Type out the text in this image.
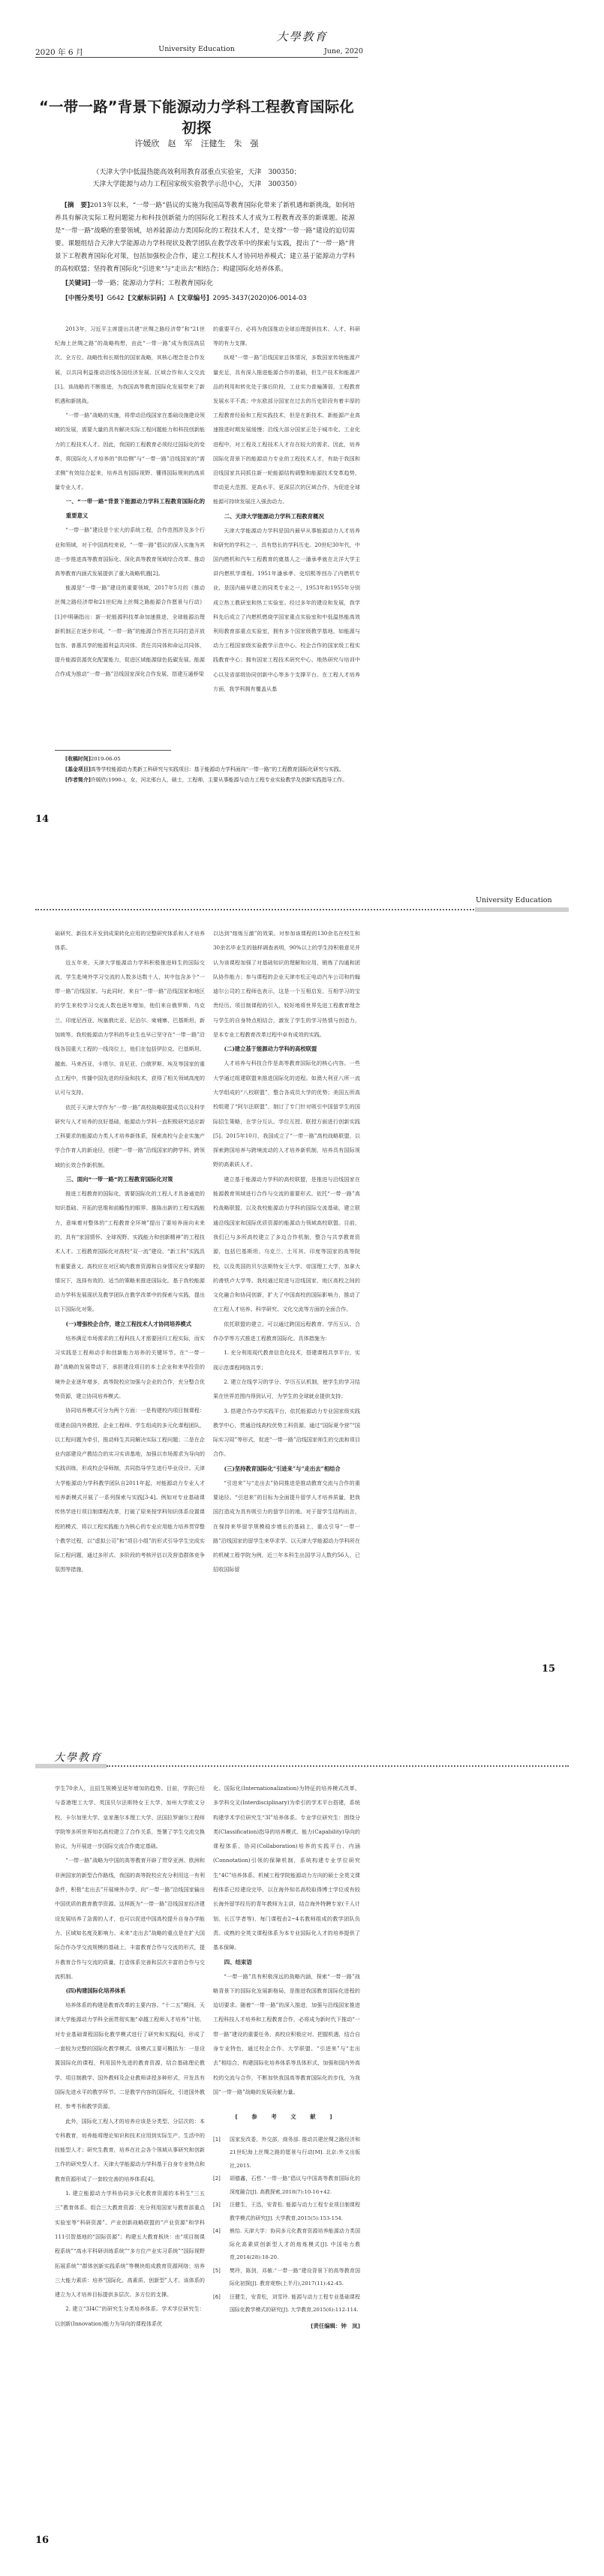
大學教育
2020 年 6 月	University Education	June, 2020
“一带一路”背景下能源动力学科工程教育国际化初探
许媛欣　赵　军　汪健生　朱　强
（天津大学中低温热能高效利用教育部重点实验室，天津　300350；
天津大学能源与动力工程国家级实验教学示范中心，天津　300350）
[摘　要]2013年以来，“一带一路”倡议的实施为我国高等教育国际化带来了新机遇和新挑战，如何培养具有解决实际工程问题能力和科技创新能力的国际化工程技术人才成为工程教育改革的新课题。能源是“一带一路”战略的重要领域，培养能源动力类国际化的工程技术人才，是支撑“一带一路”建设的迫切需要。课题组结合天津大学能源动力学科现状及教学团队在教学改革中的探索与实践，提出了“一带一路”背景下工程教育国际化对策，包括加强校企合作，建立工程技术人才协同培养模式；建立基于能源动力学科的高校联盟；坚持教育国际化“引进来”与“走出去”相结合；构建国际化培养体系。
[关键词]一带一路；能源动力学科；工程教育国际化
[中图分类号] G642 [文献标识码] A [文章编号] 2095-3437(2020)06-0014-03

2013年，习近平主席提出共建“丝绸之路经济带”和“21世纪海上丝绸之路”的战略构想，由此“一带一路”成为我国高层次、全方位、战略性和长期性的国家战略，其核心理念是合作发展，以共同利益推动沿线各国经济发展、区域合作和人文交流[1]。该战略的不断推进，为我国高等教育国际化发展带来了新机遇和新挑战。

“一带一路”战略的实施，将带动沿线国家在基础设施建设领域的发展，需要大量的具有解决实际工程问题能力和科技创新能力的工程技术人才。因此，我国的工程教育必须经过国际化的变革，将国际化人才培养的“供给侧”与“一带一路”沿线国家的“需求侧”有效结合起来，培养具有国际视野、懂得国际规则的高质量专业人才。

一、“一带一路”背景下能源动力学科工程教育国际化的重要意义

“一带一路”建设是个宏大的系统工程，合作范围涉及多个行业和领域，对于中国高校来说，“一带一路”倡议的深入实施为其进一步推进高等教育国际化、深化高等教育领域综合改革、推动高等教育内涵式发展提供了重大战略机遇[2]。

能源是“一带一路”建设的重要领域，2017年5月的《推动丝绸之路经济带和21世纪海上丝绸之路能源合作愿景与行动》[1]中明确指出：新一轮能源科技革命加速推进，全球能源治理新机制正在逐步形成，“一带一路”的能源合作旨在共同打造开放包容、普惠共享的能源利益共同体、责任共同体和命运共同体，提升能源资源优化配置能力，促进区域能源绿色低碳发展。能源合作成为推动“一带一路”沿线国家深化合作发展、搭建互通桥梁

的重要平台，必将为我国推动全球治理提供技术、人才、科研等的有力支撑。

纵观“一带一路”沿线国家总体情况，多数国家传统能源产量充足，具有深入推进能源合作的基础，但生产技术和能源产品的利用和转化处于落后阶段，工业实力普遍薄弱，工程教育发展水平不高；中东欧部分国家在过去的历史阶段有着丰厚的工程教育经验和工程实践技术，但是在新技术、新能源产业高速推进时期发展缓慢；沿线大部分国家正处于城市化、工业化进程中，对工程及工程技术人才存在较大的需求。因此，培养国际化背景下的能源动力专业的工程技术人才，有助于我国和沿线国家共同抓住新一轮能源结构调整和能源技术变革趋势，带动更大范围、更高水平、更深层次的区域合作，为促进全球能源可持续发展注入强劲动力。

二、天津大学能源动力学科工程教育概况

天津大学能源动力学科是国内最早从事能源动力人才培养和研究的学科之一，具有悠长的学科历史。20世纪30年代，中国内燃机和汽车工程教育的奠基人之一潘承孝就在北洋大学主讲内燃机学课程。1951年潘承孝、史绍熙等创办了内燃机专业，是国内最早建立的同类专业之一，1953年和1955年分别成立热工教研室和热工实验室。经过多年的建设和发展，我学科先后成立了内燃机燃烧学国家重点实验室和中低温热能高效利用教育部重点实验室，拥有多个国家级教学基地，如能源与动力工程国家级实验教学示范中心、校企合作的国家级工程实践教育中心；拥有国家工程技术研究中心、地热研究与培训中心以及省部级协同创新中心等多个支撑平台。在工程人才培养方面，我学科拥有覆盖从基

[收稿时间]2019-06-05
[基金项目]高等学校能源动力类新工科研究与实践项目：基于能源动力学科面向“一带一路”的工程教育国际化研究与实践。
[作者简介]许媛欣(1990-)，女，河北邢台人，硕士，工程师，主要从事能源与动力工程专业实验教学及创新实践指导工作。
14
University Education

础研究、新技术开发到成果转化应用的完整研究体系和人才培养体系。

近五年来，天津大学能源动力学科积极推进师生的国际交流，学生赴境外学习交流的人数多达数十人，其中包含多个“一带一路”沿线国家。与此同时，来自“一带一路”沿线国家和地区的学生来校学习交流人数也逐年增加，他们来自俄罗斯、乌克兰、印度尼西亚、埃塞俄比亚、尼泊尔、柬埔寨、巴基斯坦、新加坡等。我校能源动力学科的毕业生也早已坚守在“一带一路”沿线各国重大工程的一线岗位上，他们在包括伊拉克、巴基斯坦、越南、马来西亚、卡塔尔、肯尼亚、白俄罗斯、埃及等国家的重点工程中，传播中国先进的经验和技术，获得了相关领域高度的认可与支持。

依托于天津大学作为“一带一路”高校战略联盟成员以及科学研究与人才培养的良好基础，能源动力学科一直积极研究适应新工科要求的能源动力类人才培养新体系，探索高校与企业实施产学合作育人的新途径，创建“一带一路”沿线国家的跨学科、跨领域的长效合作新机制。

三、面向“一带一路”的工程教育国际化对策

推进工程教育的国际化，需要国际化的工程人才具备通宽的知识基础、开拓的思维和前瞻性的眼界、推陈出新的工程实践能力，意味着对整体的“工程教育全环境”提出了要培养面向未来的，具有“家国情怀、全球视野、实践能力和创新精神”的工程技术人才。工程教育国际化对高校“双一流”建设、“新工科”实践具有重要意义。高校应在对区域内教育资源和自身情况充分掌握的情况下，选择有效的、适当的策略来推进国际化。基于我校能源动力学科发展现状及教学团队在教学改革中的探索与实践，提出以下国际化对策。

(一)增强校企合作，建立工程技术人才协同培养模式

培养满足市场需求的工程科技人才需要回归工程实际，而实习实践是工程师动手和创新能力培养的关键环节。在“一带一路”战略的发展带动下，承担建设项目的本土企业和来华投资的境外企业逐年增多，高等院校应加强与企业的合作，充分整合优势资源，建立协同培养模式。

协同培养模式可分为两个方面：一是构建校内项目制课程：组建由国内外教授、企业工程师、学生组成的多元化课程团队，以工程问题为牵引，推动师生共同解决实际工程问题；二是在企业内部建设产教结合的实习实训基地，加强以市场需求为导向的实践训练，形成校企导师制，共同指导学生进行毕业设计。天津大学能源动力学科教学团队自2011年起，对能源动力专业人才培养新模式开展了一系列探索与实践[3-4]。例如对专业基础课传热学进行项目制课程改革，打破了原来按学科知识体系设置课程的模式，将以工程实践能力为核心的专业应用能力培养贯穿整个教学过程，以“虚拟公司”和“项目小组”的形式引导学生完成实际工程问题，通过多形式、多阶段的考核评估以及营造群体竞争氛围等措施，

以达到“熔炼互激”的效果。对参加该课程的130余名在校生和30余名毕业生的抽样调查表明，90%以上的学生持积极意见并认为该课程加强了对基础知识的理解和应用，锻炼了沟通和团队协作能力；参与课程的企业天津市松正电动汽车公司和约翰迪尔公司的工程师也表示，这是一个互相启发、互相学习的宝贵经历。项目制课程的引入，较好地将世界先进工程教育理念与学生的自身特点相结合，激发了学生的学习热情与创造力，是本专业工程教育改革过程中卓有成效的实践。

(二)建立基于能源动力学科的高校联盟

人才培养与科技合作是高等教育国际化的核心内容。一些大学通过组建联盟来推进国际化的进程。如澳大利亚八所一流大学组成的“八校联盟”，整合各成员大学的优势；美国五所高校组建了“阿尔法联盟”，制订了专门针对吸引中国留学生的国际招生策略，在学分互认、学位互授、联授方面进行创新实践[5]。2015年10月，我国成立了“一带一路”高校战略联盟，以探索跨国培养与跨境流动的人才培养新机制，培养具有国际视野的高素质人才。

建立基于能源动力学科的高校联盟，是推进与沿线国家在能源教育领域进行合作与交流的重要形式。依托“一带一路”高校战略联盟，以及我校能源动力学科的国际交流基础，建立联通沿线国家和国际优质资源的能源动力领域高校联盟。目前，我们已与多所高校建立了多边合作机制，整合与共享教育资源，包括巴基斯坦、乌克兰、土耳其、印度等国家的高等院校，以及英国的贝尔法斯特女王大学、帝国理工大学，加拿大的滑铁卢大学等。我校通过促进与沿线国家、地区高校之间的文化融合和协同创新，扩大了中国高校的国际影响力，推动了在工程人才培养、科学研究、文化交流等方面的全面合作。

依托联盟的建立，可以通过跨国远程教育、学历互认、合作办学等方式推进工程教育国际化。具体措施为：

1. 充分利用现代教育信息化技术，搭建课程共享平台，实现示范课程网络共享；

2. 建立在线学习的学分、学历互认机制，使学生的学习结果在世界范围内得到认可，为学生的全球就业提供支持；

3. 搭建合作办学实践平台，依托能源动力专业国家级实践教学中心，贯通沿线高校优势工科资源，通过“国际夏令营”“国际实习周”等形式，促进“一带一路”沿线国家师生的交流和项目合作。

(三)坚持教育国际化“引进来”与“走出去”相结合

“引进来”与“走出去”协同推进是推动教育交流与合作的重要途径。“引进来”的目标为全面提升留学人才培养质量，把我国打造成为具有吸引力的留学目的地。对于留学生结构而言，在保持来华留学规模稳步增长的基础上，重点引导“一带一路”沿线国家的留学生来华求学。以天津大学能源动力学科所在的机械工程学院为例，近三年本科生出国学习人数约56人，已招收国际留

15
大學教育

学生70余人，且招生规模呈逐年增加的趋势。目前，学院已经与香港理工大学、英国贝尔法斯特女王大学、加州大学欧文分校、卡尔加里大学、皇家墨尔本理工大学、法国拉罗谢尔工程师学院等多所世界知名高校建立了合作关系，签署了学生交流交换协议，为开展进一步国际交流合作奠定基础。

“一带一路”战略为中国的高等教育开辟了贯穿亚洲、欧洲和非洲国家的新型合作路线，我国的高等院校应充分利用这一有利条件，积极“走出去”开展境外办学，向“一带一路”沿线国家输出中国优质的教育教学资源。这样既为“一带一路”沿线国家经济建设发展培养了急需的人才，也可以促进中国高校提升自身办学能力、区域知名度及影响力。未来“走出去”战略的重点是在扩大国际合作办学交流规模的基础上，丰富教育合作与交流的形式，提升教育合作与交流的质量，打造体系完善和层次丰富的合作与交流机制。

(四)构建国际化培养体系

培养体系的构建是教育改革的主要内容。“十二五”期间，天津大学能源动力学科全面贯彻实施“卓越工程师人才培养”计划，对专业基础课程国际化教学模式进行了研究和实践[6]，形成了一套较为完整的国际化教学模式。该模式主要可概括为：一是设置国际化的课程，利用国外先进的教育资源，结合基础理论教学、项目制教学、国外教师及企业教师讲授多种形式，开发具有国际先进水平的教学环节。二是教学内容的国际化，引进国外教材、参考书和教学资源。

此外，国际化工程人才的培养应该是分类型、分层次的：本专科教育，培养能将理论知识和技术应用到实际生产、生活中的技能型人才；研究生教育，培养在社会各个领域从事研究和创新工作的研究型人才。天津大学能源动力学科基于自身专业特点和教育资源形成了一套较完善的培养体系[4]。

1. 建立能源动力学科协同多元化教育资源的本科生“三五三”教育体系。组合三大教育资源：充分利用国家与教育部重点实验室等“科研资源”、产业创新战略联盟的“产业资源”和学科111引智基地的“国际资源”；构建五大教育板块：由“项目制课程系统”“高水平科研训练系统”“多方位产业实习系统”“国际视野拓展系统”“群体创新实践系统”等模块组成教育资源网络；培养三大能力素质：培养“国际化、高素质、创新型”人才。该体系的建立为人才培养目标提供多层次、多方位的支撑。

2. 建立“3I4C”的研究生分类培养体系。学术学位研究生：以创新(Innovation)能力为导向的课程体系优

化、国际化(Internationalization)为特征的培养模式改革、多学科交叉(Interdisciplinary)为牵引的学术平台搭建，系统构建学术学位研究生“3I”培养体系。专业学位研究生：围绕分类(Classification)指导的培养模式、能力(Capability)导向的课程体系、协同(Collaboration)培养的实践平台、内涵(Connotation)引领的保障机制，系统构建专业学位研究生“4C”培养体系。机械工程学院能源动力方向的硕士全英文课程体系已经建设完毕，以在海外知名高校取得博士学位或有较长海外留学经历的青年教师为主讲，结合海外特聘专家(千人计划、长江学者等)，每门课程由2~4名教师组成的教学团队负责。成熟的全英文课程体系为本专业国际化人才的培养提供了基本保障。

四、结束语

“一带一路”具有积极深远的战略内涵，探索“一带一路”战略背景下的国际化发展新格局，是推进我国教育国际化进程的迫切要求。随着“一带一路”的深入推进，加强与沿线国家推进工程科技人才培养和工程教育合作，必将成为新时代下推动“一带一路”建设的重要任务。高校应积极应对、把握机遇，结合自身专业特色，通过校企合作、大学联盟、“引进来”与“走出去”相结合、构建国际化培养体系等具体形式，加强和国内外高校的交流与合作，不断加快我国高等教育国际化的步伐，为我国“一带一路”战略的发展贡献力量。

[ 参 考 文 献 ]
[1]	国家发改委，外交部，商务部. 推动共建丝绸之路经济和21世纪海上丝绸之路的愿景与行动[M]. 北京:外文出版社,2015.
[2]	胡德鑫，石哲.“一带一路”倡议与中国高等教育国际化的深度融合[J]. 高教探索,2018(7):10-16+42.
[3]	汪健生，王迅，安青松. 能源与动力工程专业项目制课程教学模式的研究[J]. 大学教育,2015(5):153-154.
[4]	熊怡. 天津大学：协同多元化教育资源培养能源动力类国际化高素质创新型人才的熔炼模式[J]. 中国电力教育,2014(28):18-20.
[5]	樊玲，陈剑，邓敏.“一带一路”建设背景下的高等教育国际化初探[J]. 教育观察(上半月),2017(11):42-45.
[6]	汪健生，安青松，刘雪玲. 能源与动力工程专业基础课程国际化教学模式的研究[J]. 大学教育,2015(6):112-114.
[责任编辑：钟　岚]
16
